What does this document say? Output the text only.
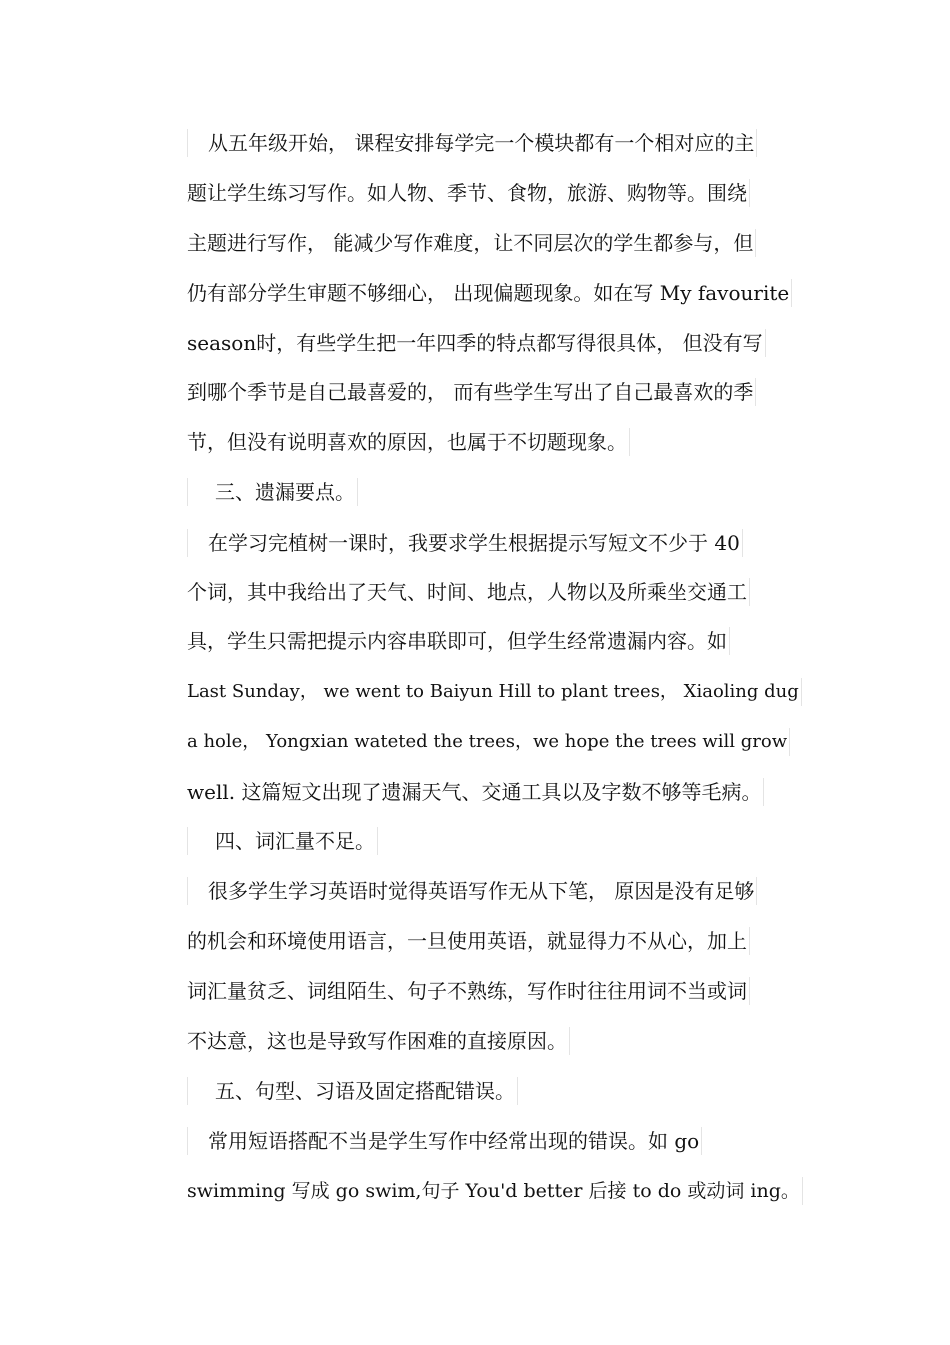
从五年级开始， 课程安排每学完一个模块都有一个相对应的主
题让学生练习写作。如人物、季节、食物，旅游、购物等。围绕
主题进行写作， 能减少写作难度，让不同层次的学生都参与，但
仍有部分学生审题不够细心， 出现偏题现象。如在写 My favourite
season时，有些学生把一年四季的特点都写得很具体， 但没有写
到哪个季节是自己最喜爱的， 而有些学生写出了自己最喜欢的季
节，但没有说明喜欢的原因，也属于不切题现象。
三、遗漏要点。
在学习完植树一课时，我要求学生根据提示写短文不少于 40
个词，其中我给出了天气、时间、地点，人物以及所乘坐交通工
具，学生只需把提示内容串联即可，但学生经常遗漏内容。如
Last Sunday， we went to Baiyun Hill to plant trees， Xiaoling dug
a hole， Yongxian wateted the trees，we hope the trees will grow
well. 这篇短文出现了遗漏天气、交通工具以及字数不够等毛病。
四、词汇量不足。
很多学生学习英语时觉得英语写作无从下笔， 原因是没有足够
的机会和环境使用语言，一旦使用英语，就显得力不从心，加上
词汇量贫乏、词组陌生、句子不熟练，写作时往往用词不当或词
不达意，这也是导致写作困难的直接原因。
五、句型、习语及固定搭配错误。
常用短语搭配不当是学生写作中经常出现的错误。如 go
swimming 写成 go swim,句子 You'd better 后接 to do 或动词 ing。
